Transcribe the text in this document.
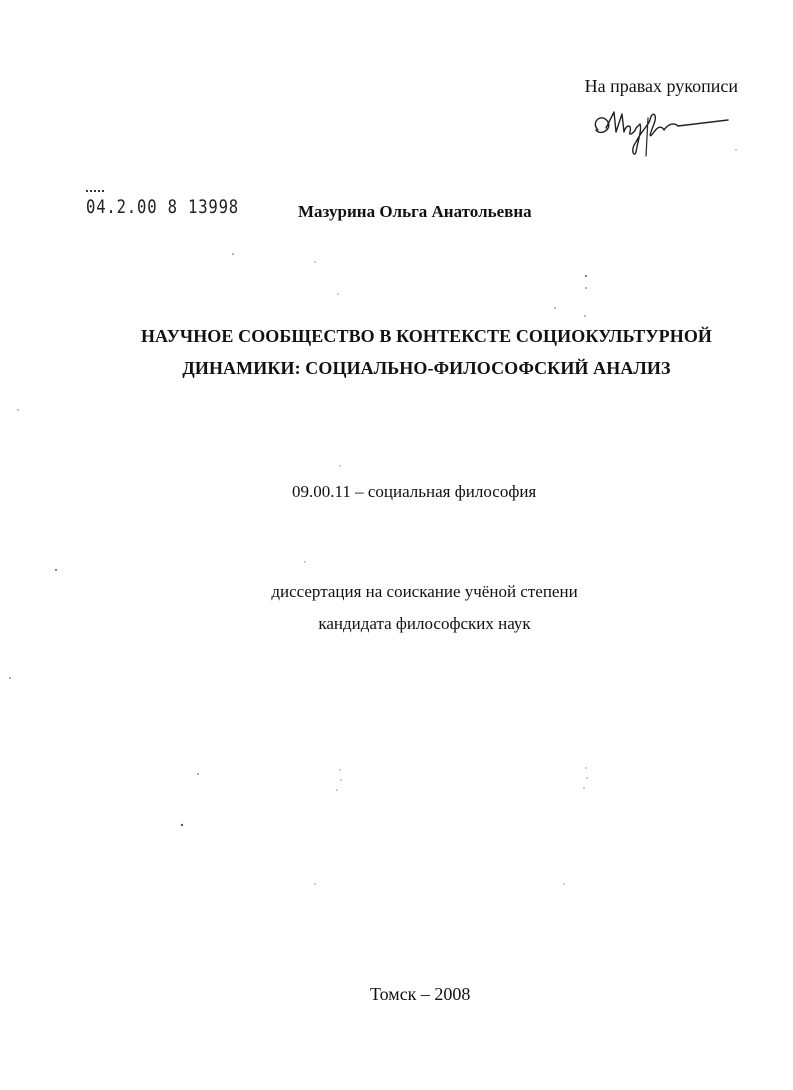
На правах рукописи
04.2.00 8 13998	Мазурина Ольга Анатольевна
НАУЧНОЕ СООБЩЕСТВО В КОНТЕКСТЕ СОЦИОКУЛЬТУРНОЙ
ДИНАМИКИ: СОЦИАЛЬНО-ФИЛОСОФСКИЙ АНАЛИЗ
09.00.11 – социальная философия
диссертация на соискание учёной степени
кандидата философских наук
Томск – 2008
